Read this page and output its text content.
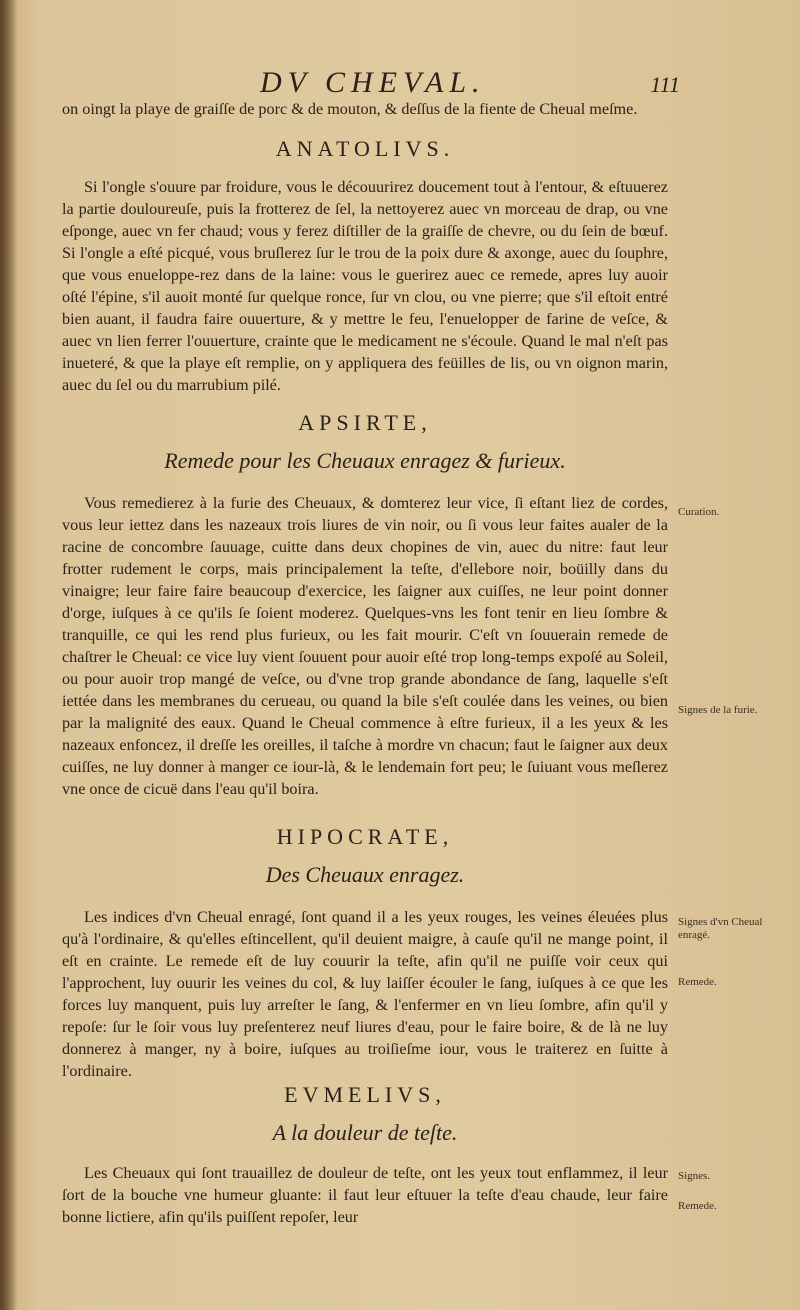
DV CHEVAL.	111

on oingt la playe de graiſſe de porc & de mouton, & deſſus de la fiente de Cheual meſme.

ANATOLIVS.

Si l'ongle s'ouure par froidure, vous le découurirez doucement tout à l'entour, & eſtuuerez la partie douloureuſe, puis la frotterez de ſel, la nettoyerez auec vn morceau de drap, ou vne eſponge, auec vn fer chaud; vous y ferez diſtiller de la graiſſe de chevre, ou du ſein de bœuf. Si l'ongle a eſté picqué, vous bruſlerez ſur le trou de la poix dure & axonge, auec du ſouphre, que vous enueloppe-rez dans de la laine: vous le guerirez auec ce remede, apres luy auoir oſté l'épine, s'il auoit monté ſur quelque ronce, ſur vn clou, ou vne pierre; que s'il eſtoit entré bien auant, il faudra faire ouuerture, & y mettre le feu, l'enuelopper de farine de veſce, & auec vn lien ferrer l'ouuerture, crainte que le medicament ne s'écoule. Quand le mal n'eſt pas inueteré, & que la playe eſt remplie, on y appliquera des feüilles de lis, ou vn oignon marin, auec du ſel ou du marrubium pilé.

APSIRTE,
Remede pour les Cheuaux enragez & furieux.

Vous remedierez à la furie des Cheuaux, & domterez leur vice, ſi eſtant liez de cordes, vous leur iettez dans les nazeaux trois liures de vin noir, ou ſi vous leur faites aualer de la racine de concombre ſauuage, cuitte dans deux chopines de vin, auec du nitre: faut leur frotter rudement le corps, mais principalement la teſte, d'ellebore noir, boüilly dans du vinaigre; leur faire faire beaucoup d'exercice, les ſaigner aux cuiſſes, ne leur point donner d'orge, iuſques à ce qu'ils ſe ſoient moderez. Quelques-vns les font tenir en lieu ſombre & tranquille, ce qui les rend plus furieux, ou les fait mourir. C'eſt vn ſouuerain remede de chaſtrer le Cheual: ce vice luy vient ſouuent pour auoir eſté trop long-temps expoſé au Soleil, ou pour auoir trop mangé de veſce, ou d'vne trop grande abondance de ſang, laquelle s'eſt iettée dans les membranes du cerueau, ou quand la bile s'eſt coulée dans les veines, ou bien par la malignité des eaux. Quand le Cheual commence à eſtre furieux, il a les yeux & les nazeaux enfoncez, il dreſſe les oreilles, il taſche à mordre vn chacun; faut le ſaigner aux deux cuiſſes, ne luy donner à manger ce iour-là, & le lendemain fort peu; le ſuiuant vous meſlerez vne once de cicuë dans l'eau qu'il boira.

HIPOCRATE,
Des Cheuaux enragez.

Les indices d'vn Cheual enragé, ſont quand il a les yeux rouges, les veines éleuées plus qu'à l'ordinaire, & qu'elles eſtincellent, qu'il deuient maigre, à cauſe qu'il ne mange point, il eſt en crainte. Le remede eſt de luy couurir la teſte, afin qu'il ne puiſſe voir ceux qui l'approchent, luy ouurir les veines du col, & luy laiſſer écouler le ſang, iuſques à ce que les forces luy manquent, puis luy arreſter le ſang, & l'enfermer en vn lieu ſombre, afin qu'il y repoſe: ſur le ſoir vous luy preſenterez neuf liures d'eau, pour le faire boire, & de là ne luy donnerez à manger, ny à boire, iuſques au troiſieſme iour, vous le traiterez en ſuitte à l'ordinaire.

EVMELIVS,
A la douleur de teſte.

Les Cheuaux qui ſont trauaillez de douleur de teſte, ont les yeux tout enflammez, il leur ſort de la bouche vne humeur gluante: il faut leur eſtuuer la teſte d'eau chaude, leur faire bonne lictiere, afin qu'ils puiſſent repoſer, leur

Curation.
Signes de la furie.
Signes d'vn Cheual enragé.
Remede.
Signes.
Remede.
